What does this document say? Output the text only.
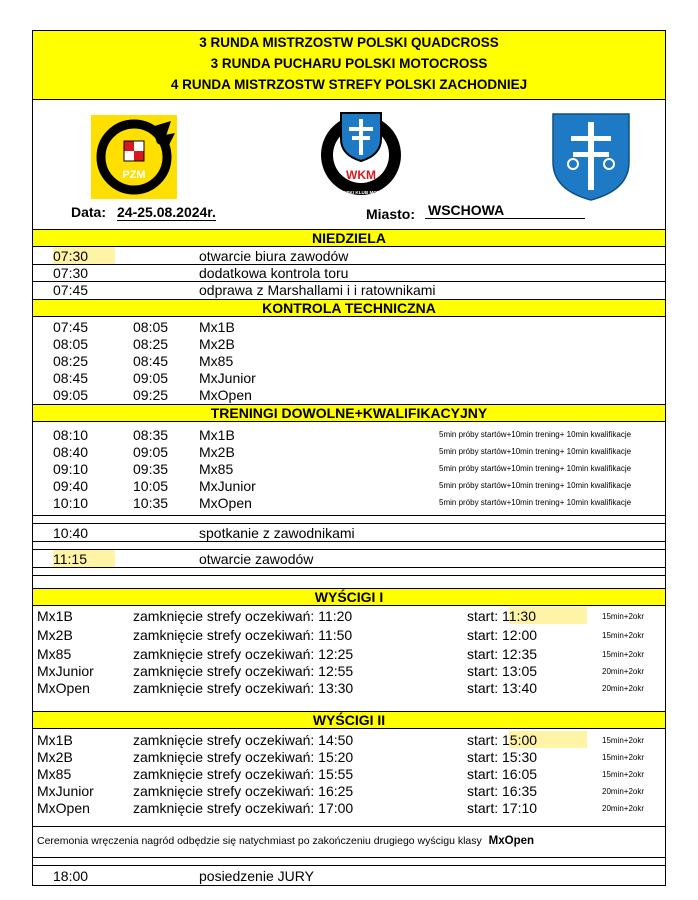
3 RUNDA MISTRZOSTW POLSKI QUADCROSS
3 RUNDA PUCHARU POLSKI MOTOCROSS
4 RUNDA MISTRZOSTW STREFY POLSKI ZACHODNIEJ
PZM	WKM
WSCHOWSKI KLUB MOTOROWY
Data: 24-25.08.2024r.	Miasto: WSCHOWA
NIEDZIELA
07:30	otwarcie biura zawodów
07:30	dodatkowa kontrola toru
07:45	odprawa z Marshallami i i ratownikami
KONTROLA TECHNICZNA
07:45	08:05 Mx1B
08:05	08:25 Mx2B
08:25	08:45 Mx85
08:45	09:05 MxJunior
09:05	09:25 MxOpen
TRENINGI DOWOLNE+KWALIFIKACYJNY
08:10	08:35 Mx1B	5min próby startów+10min trening+ 10min kwalifikacje
08:40	09:05 Mx2B	5min próby startów+10min trening+ 10min kwalifikacje
09:10	09:35 Mx85	5min próby startów+10min trening+ 10min kwalifikacje
09:40	10:05 MxJunior	5min próby startów+10min trening+ 10min kwalifikacje
10:10	10:35 MxOpen	5min próby startów+10min trening+ 10min kwalifikacje
10:40	spotkanie z zawodnikami
11:15	otwarcie zawodów
WYŚCIGI I
Mx1B	zamknięcie strefy oczekiwań: 11:20	start: 11:30	15min+2okr
Mx2B	zamknięcie strefy oczekiwań: 11:50	start: 12:00	15min+2okr
Mx85	zamknięcie strefy oczekiwań: 12:25	start: 12:35	15min+2okr
MxJunior	zamknięcie strefy oczekiwań: 12:55	start: 13:05	20min+2okr
MxOpen	zamknięcie strefy oczekiwań: 13:30	start: 13:40	20min+2okr
WYŚCIGI II
Mx1B	zamknięcie strefy oczekiwań: 14:50	start: 15:00	15min+2okr
Mx2B	zamknięcie strefy oczekiwań: 15:20	start: 15:30	15min+2okr
Mx85	zamknięcie strefy oczekiwań: 15:55	start: 16:05	15min+2okr
MxJunior	zamknięcie strefy oczekiwań: 16:25	start: 16:35	20min+2okr
MxOpen	zamknięcie strefy oczekiwań: 17:00	start: 17:10	20min+2okr
Ceremonia wręczenia nagród odbędzie się natychmiast po zakończeniu drugiego wyścigu klasy MxOpen
18:00	posiedzenie JURY
